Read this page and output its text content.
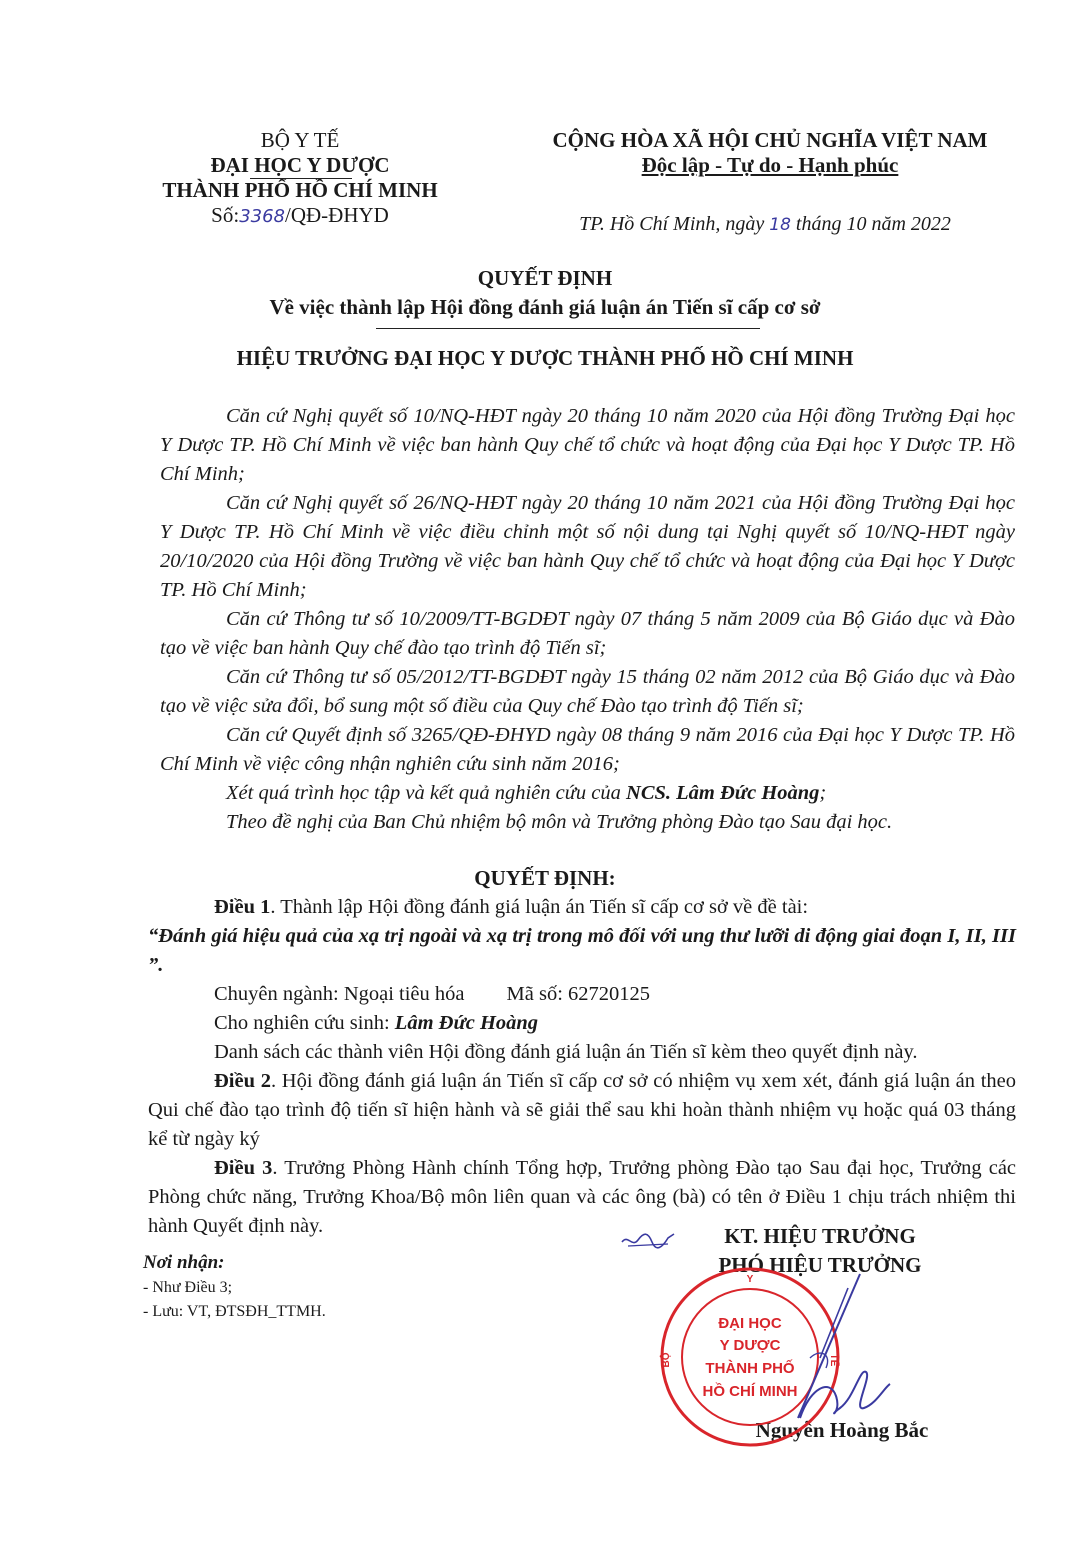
BỘ Y TẾ
ĐẠI HỌC Y DƯỢC
THÀNH PHỐ HỒ CHÍ MINH
Số:3368/QĐ-ĐHYD
CỘNG HÒA XÃ HỘI CHỦ NGHĨA VIỆT NAM
Độc lập - Tự do - Hạnh phúc
TP. Hồ Chí Minh, ngày 18 tháng 10 năm 2022
QUYẾT ĐỊNH
Về việc thành lập Hội đồng đánh giá luận án Tiến sĩ cấp cơ sở
HIỆU TRƯỞNG ĐẠI HỌC Y DƯỢC THÀNH PHỐ HỒ CHÍ MINH

Căn cứ Nghị quyết số 10/NQ-HĐT ngày 20 tháng 10 năm 2020 của Hội đồng Trường Đại học Y Dược TP. Hồ Chí Minh về việc ban hành Quy chế tổ chức và hoạt động của Đại học Y Dược TP. Hồ Chí Minh;

Căn cứ Nghị quyết số 26/NQ-HĐT ngày 20 tháng 10 năm 2021 của Hội đồng Trường Đại học Y Dược TP. Hồ Chí Minh về việc điều chỉnh một số nội dung tại Nghị quyết số 10/NQ-HĐT ngày 20/10/2020 của Hội đồng Trường về việc ban hành Quy chế tổ chức và hoạt động của Đại học Y Dược TP. Hồ Chí Minh;

Căn cứ Thông tư số 10/2009/TT-BGDĐT ngày 07 tháng 5 năm 2009 của Bộ Giáo dục và Đào tạo về việc ban hành Quy chế đào tạo trình độ Tiến sĩ;

Căn cứ Thông tư số 05/2012/TT-BGDĐT ngày 15 tháng 02 năm 2012 của Bộ Giáo dục và Đào tạo về việc sửa đổi, bổ sung một số điều của Quy chế Đào tạo trình độ Tiến sĩ;

Căn cứ Quyết định số 3265/QĐ-ĐHYD ngày 08 tháng 9 năm 2016 của Đại học Y Dược TP. Hồ Chí Minh về việc công nhận nghiên cứu sinh năm 2016;

Xét quá trình học tập và kết quả nghiên cứu của NCS. Lâm Đức Hoàng;

Theo đề nghị của Ban Chủ nhiệm bộ môn và Trưởng phòng Đào tạo Sau đại học.

QUYẾT ĐỊNH:

Điều 1. Thành lập Hội đồng đánh giá luận án Tiến sĩ cấp cơ sở về đề tài:

“Đánh giá hiệu quả của xạ trị ngoài và xạ trị trong mô đối với ung thư lưỡi di động giai đoạn I, II, III ”.

Chuyên ngành: Ngoại tiêu hóa Mã số: 62720125

Cho nghiên cứu sinh: Lâm Đức Hoàng

Danh sách các thành viên Hội đồng đánh giá luận án Tiến sĩ kèm theo quyết định này.

Điều 2. Hội đồng đánh giá luận án Tiến sĩ cấp cơ sở có nhiệm vụ xem xét, đánh giá luận án theo Qui chế đào tạo trình độ tiến sĩ hiện hành và sẽ giải thể sau khi hoàn thành nhiệm vụ hoặc quá 03 tháng kể từ ngày ký

Điều 3. Trưởng Phòng Hành chính Tổng hợp, Trưởng phòng Đào tạo Sau đại học, Trưởng các Phòng chức năng, Trưởng Khoa/Bộ môn liên quan và các ông (bà) có tên ở Điều 1 chịu trách nhiệm thi hành Quyết định này.

Nơi nhận:
- Như Điều 3;
- Lưu: VT, ĐTSĐH_TTMH.
KT. HIỆU TRƯỞNG
PHÓ HIỆU TRƯỞNG
Nguyễn Hoàng Bắc
Y
BỘ	TẾ
ĐẠI HỌC
Y DƯỢC
THÀNH PHỐ
HỒ CHÍ MINH
